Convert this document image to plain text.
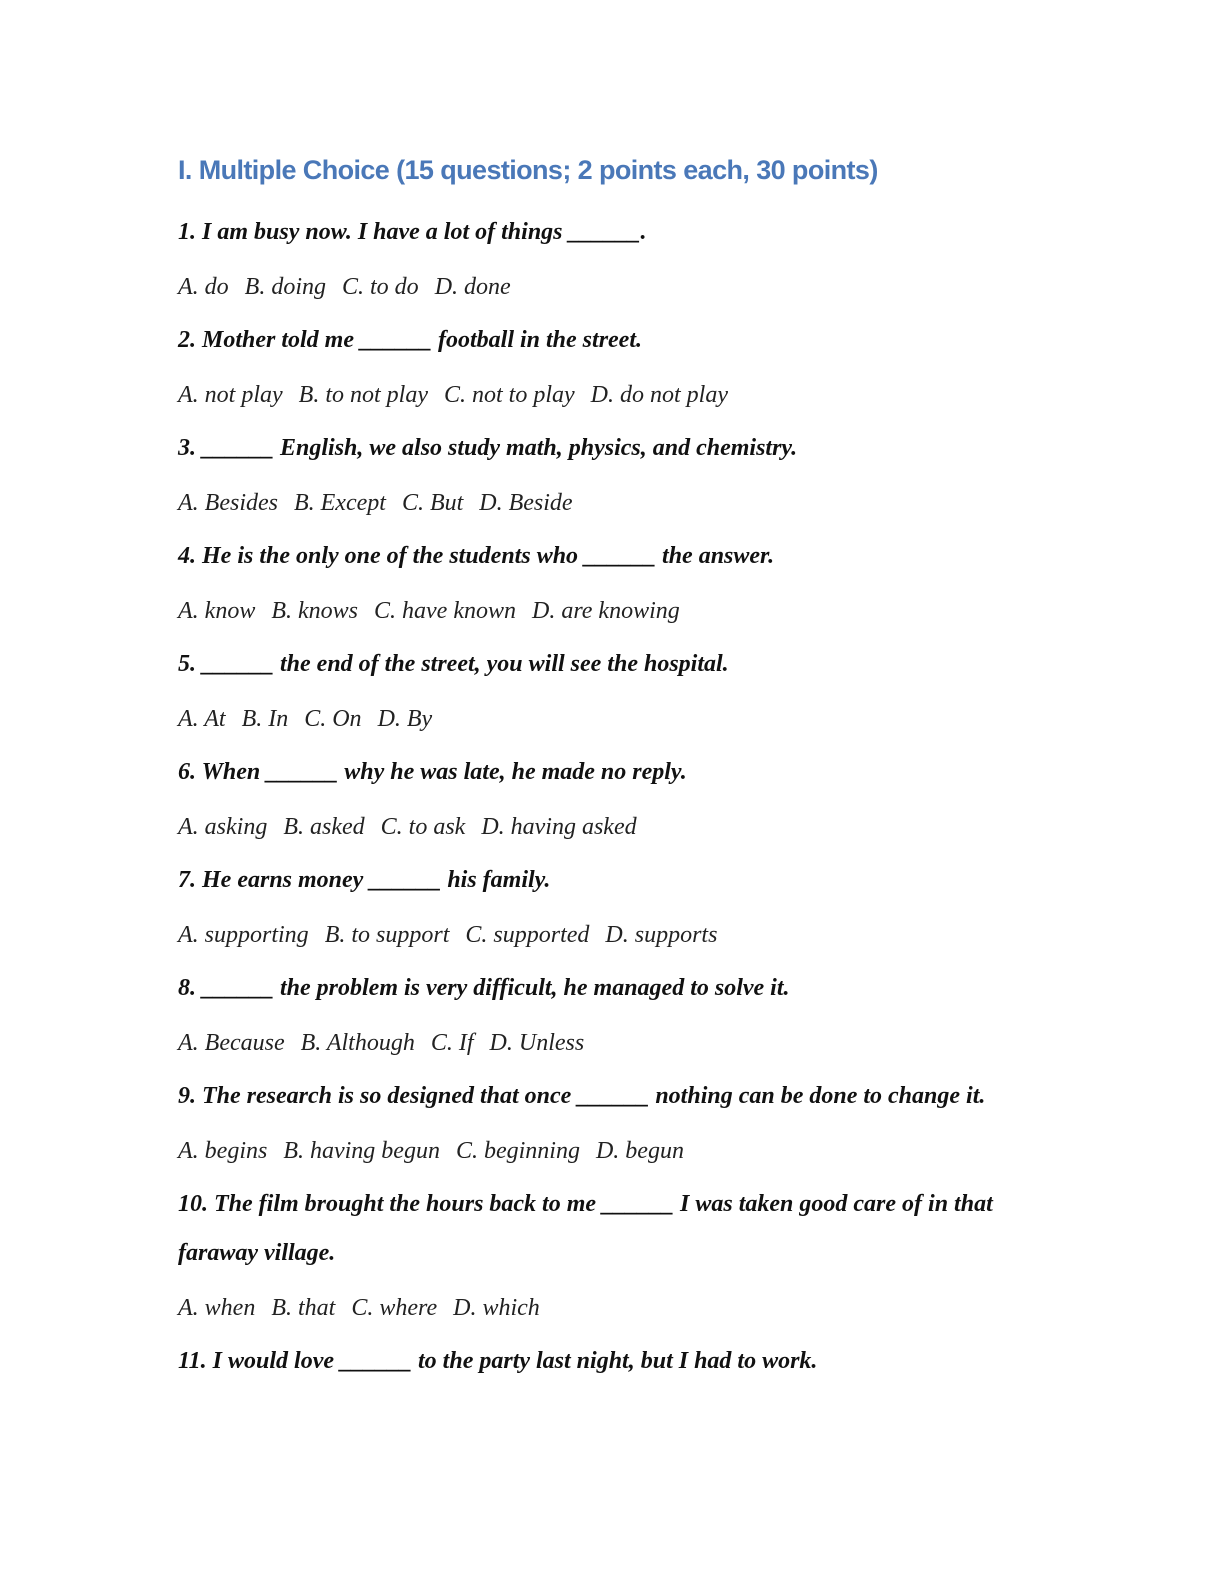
I. Multiple Choice (15 questions; 2 points each, 30 points)

1. I am busy now. I have a lot of things ______.

A. do B. doing C. to do D. done

2. Mother told me ______ football in the street.

A. not play B. to not play C. not to play D. do not play

3. ______ English, we also study math, physics, and chemistry.

A. Besides B. Except C. But D. Beside

4. He is the only one of the students who ______ the answer.

A. know B. knows C. have known D. are knowing

5. ______ the end of the street, you will see the hospital.

A. At B. In C. On D. By

6. When ______ why he was late, he made no reply.

A. asking B. asked C. to ask D. having asked

7. He earns money ______ his family.

A. supporting B. to support C. supported D. supports

8. ______ the problem is very difficult, he managed to solve it.

A. Because B. Although C. If D. Unless

9. The research is so designed that once ______ nothing can be done to change it.

A. begins B. having begun C. beginning D. begun

10. The film brought the hours back to me ______ I was taken good care of in that faraway village.

A. when B. that C. where D. which

11. I would love ______ to the party last night, but I had to work.
